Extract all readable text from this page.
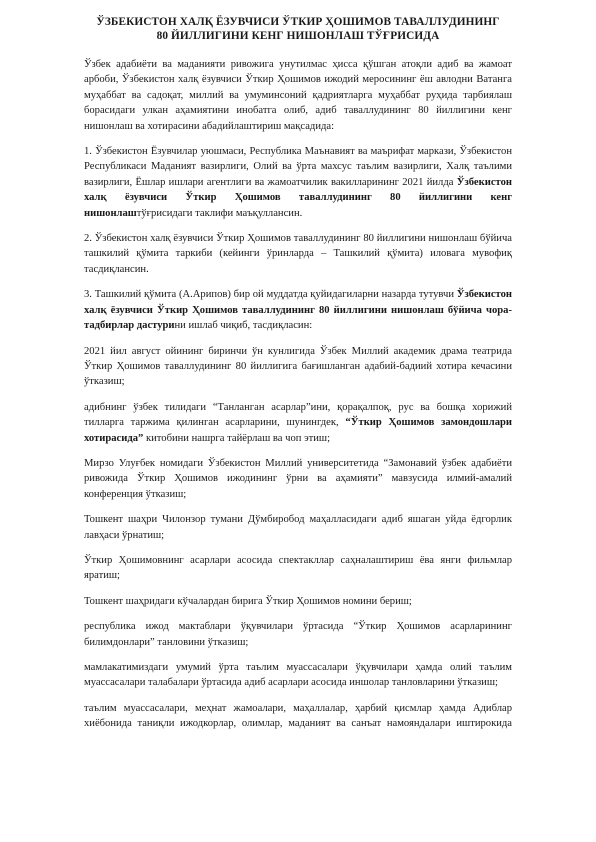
ЎЗБЕКИСТОН ХАЛҚ ЁЗУВЧИСИ ЎТКИР ҲОШИМОВ ТАВАЛЛУДИНИНГ
80 ЙИЛЛИГИНИ КЕНГ НИШОНЛАШ ТЎҒРИСИДА

Ўзбек адабиёти ва маданияти ривожига унутилмас ҳисса қўшган атоқли адиб ва жамоат арбоби, Ўзбекистон халқ ёзувчиси Ўткир Ҳошимов ижодий меросининг ёш авлодни Ватанга муҳаббат ва садоқат, миллий ва умуминсоний қадриятларга муҳаббат руҳида тарбиялаш борасидаги улкан аҳамиятини инобатга олиб, адиб таваллудининг 80 йиллигини кенг нишонлаш ва хотирасини абадийлаштириш мақсадида:

1. Ўзбекистон Ёзувчилар уюшмаси, Республика Маънавият ва маърифат маркази, Ўзбекистон Республикаси Маданият вазирлиги, Олий ва ўрта махсус таълим вазирлиги, Халқ таълими вазирлиги, Ёшлар ишлари агентлиги ва жамоатчилик вакилларининг 2021 йилда Ўзбекистон халқ ёзувчиси Ўткир Ҳошимов таваллудининг 80 йиллигини кенг нишонлаштўғрисидаги таклифи маъқуллансин.

2. Ўзбекистон халқ ёзувчиси Ўткир Ҳошимов таваллудининг 80 йиллигини нишонлаш бўйича ташкилий қўмита таркиби (кейинги ўринларда – Ташкилий қўмита) иловага мувофиқ тасдиқлансин.

3. Ташкилий қўмита (А.Арипов) бир ой муддатда қуйидагиларни назарда тутувчи Ўзбекистон халқ ёзувчиси Ўткир Ҳошимов таваллудининг 80 йиллигини нишонлаш бўйича чора-тадбирлар дастурини ишлаб чиқиб, тасдиқласин:

2021 йил август ойининг биринчи ўн кунлигида Ўзбек Миллий академик драма театрида Ўткир Ҳошимов таваллудининг 80 йиллигига бағишланган адабий-бадиий хотира кечасини ўтказиш;

адибнинг ўзбек тилидаги “Танланган асарлар”ини, қорақалпоқ, рус ва бошқа хорижий тилларга таржима қилинган асарларини, шунингдек, “Ўткир Ҳошимов замондошлари хотирасида” китобини нашрга тайёрлаш ва чоп этиш;

Мирзо Улуғбек номидаги Ўзбекистон Миллий университетида “Замонавий ўзбек адабиёти ривожида Ўткир Ҳошимов ижодининг ўрни ва аҳамияти” мавзусида илмий-амалий конференция ўтказиш;

Тошкент шаҳри Чилонзор тумани Дўмбиробод маҳалласидаги адиб яшаган уйда ёдгорлик лавҳаси ўрнатиш;

Ўткир Ҳошимовнинг асарлари асосида спектакллар саҳналаштириш ёва янги фильмлар яратиш;

Тошкент шаҳридаги кўчалардан бирига Ўткир Ҳошимов номини бериш;

республика ижод мактаблари ўқувчилари ўртасида “Ўткир Ҳошимов асарларининг билимдонлари” танловини ўтказиш;

мамлакатимиздаги умумий ўрта таълим муассасалари ўқувчилари ҳамда олий таълим муассасалари талабалари ўртасида адиб асарлари асосида иншолар танловларини ўтказиш;

таълим муассасалари, меҳнат жамоалари, маҳаллалар, ҳарбий қисмлар ҳамда Адиблар хиёбонида таниқли ижодкорлар, олимлар, маданият ва санъат намояндалари иштирокида
